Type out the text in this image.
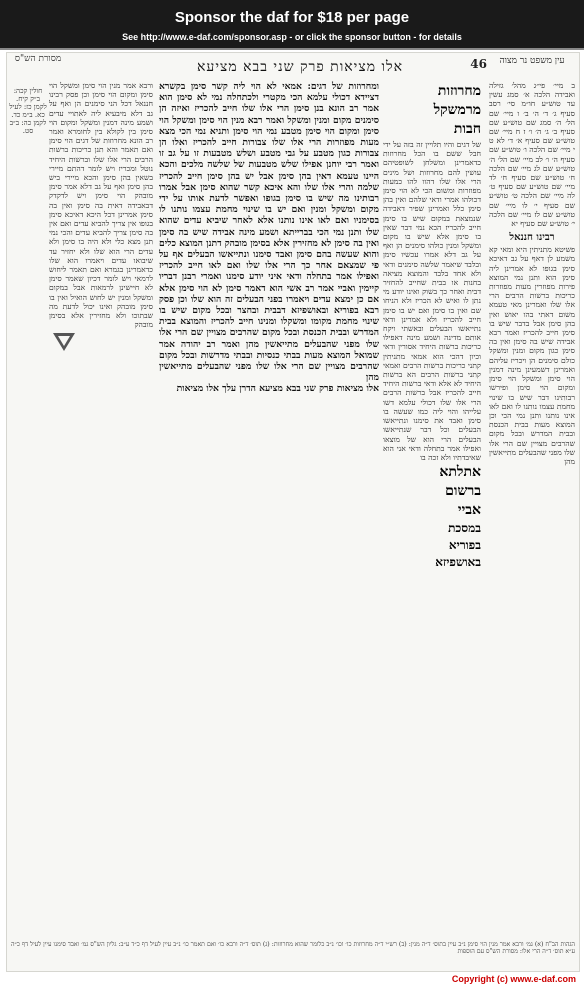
Sponsor the daf for $18 per page
See http://www.e-daf.com/sponsor.asp - or click the sponsor button - for details
עין משפט נר מצוה
46
אלו מציאות פרק שני בבא מציעא
מסורת הש"ס
ב מיי׳ פי״ג מהל׳ גזילה ואבידה הלכה א׳ סמג עשין עד טוש״ע חו״מ סי׳ רסב סעיף ג׳ ד׳ ה׳ ב׳ ו מיי׳ שם הל׳ ה׳ סמג שם טוש״ע שם סעיף ב׳ ג׳ ה׳ ו׳ ז ח מיי׳ שם טוש״ע שם סעיף א׳ ד׳ לא ט י מיי׳ שם הלכה ו׳ טוש״ע שם סעיף ה׳ ו׳ לב מיי׳ שם הל׳ ה׳ טוש״ע שם לג מיי׳ שם הלכה ח׳ טוש״ע שם סעיף ח׳ לד מיי׳ שם טוש״ע שם סעיף ט׳ לה מיי׳ שם הלכה ט׳ טוש״ע שם סעיף י׳ לו מיי׳ שם טוש״ע שם לז מיי׳ שם הלכה י׳ טוש״ע שם סעיף יא
רבינו חננאל
פשיטא מתניתין היא ומאי קא משמע לן דאף על גב דאיכא סימן בגופו לא אמרינן ליה סימן הוא ותנן נמי המוצא פירות מפוזרין מעות מפוזרות כריכות ברשות הרבים הרי אלו שלו ואמרינן מאי טעמא משום דאתי בהו יאוש ואין בהן סימן אבל בדבר שיש בו סימן חייב להכריז ואמר רבא אבידה שיש בה סימן ואין בה סימן כגון מקום ומנין ומשקל כולם סימנים הן ויכריז עליהם ואמרינן דשמעינן מינה דמנין הוי סימן ומשקל הוי סימן ומקום הוי סימן ופירשו רבותינו דבר שיש בו שינוי מחמת עצמו נותנו לו ואם לאו אינו נותנו ותנן נמי הכי וכן המוצא מעות בבית הכנסת ובבית המדרש ובכל מקום שהרבים מצויין שם הרי אלו שלו מפני שהבעלים מתייאשין מהן
מחרוזות
מרמשקל
חבות
של דגים והיו תלויין זה בזה על ידי חבל ששם בו הכל מחרוזות כדאמרינן ומשלחן לשופטיהם עושין להם מחרוזות ושל מינים הרי אלו שלו דהוו להו כמעות מפוזרות ומשום הכי לא הוי סימן דכולהו אמרי ודאי שלהם ואין בהן סימן כלל ואמרינן שפיר דאבידה שנמצאת במקום שיש בו סימן חייב להכריז הכא נמי דבר שאין בו סימן אלא שיש בו מקום ומשקל ומנין כולהו סימנים הן ואף על גב דלא אמרו עכשיו סימן ובלבד שיאמר שלשה סימנים ודאי ולא אחד בלבד והמוצא מציאה בחנות או בבית שחייב להחזיר דבית ואחר כך בשוק ואינו יודע מי נתן לו ואיש לא הכריז ולא הניחו שם ואין בו סימן ואם יש בו סימן חייב להכריז ולא אמרינן ודאי נתייאשו הבעלים ובאשתי ויקח אותם מדינה ושמע מינה דאפילו כריכות ברשות היחיד אסורין ודאי וכיון דהכי הוא אמאי מתניתין קתני כריכות ברשות הרבים ואמאי קתני ברשות הרבים הא ברשות היחיד לא אלא ודאי ברשות היחיד חייב להכריז אבל ברשות הרבים הרי אלו שלו דכולי עלמא דשו עלייהו והוי ליה כמו שעשה בו סימן ואבד את סימנו ונתייאשו הבעלים וכל דבר שנתייאשו הבעלים הרי הוא של מוצאו ואפילו אמר בתחלה ודאי אני הוא שאיבדתיו ולא זכה בו
אתלתא
ברשום
אביי
במסכת
בפוריא
באושפיזא
ומחרוזות של דגים: אמאי לא הוי ליה קשר סימן בקשרא דציידא דכולי עלמא הכי מקטרי ולכתחלה נמי לא סימן הוא אמר רב הונא בנן סימן הרי אלו שלו חייב להכריז ואיזה הן סימנים מקום ומנין ומשקל ואמר רבא מנין הוי סימן ומשקל הוי סימן ומקום הוי סימן מטבע נמי הוי סימן ותניא נמי הכי מצא מעות מפוזרות הרי אלו שלו צבורות חייב להכריז ואלו הן צבורות כגון מטבע על גבי מטבע ושלש מטבעות זו על גב זו ואמר רבי יוחנן אפילו שלש מטבעות של שלשה מלכים והכא היינו טעמא דאין בהן סימן אבל יש בהן סימן חייב להכריז שלמה והרי אלו שלו והא איכא קשר שהוא סימן אבל אמרו רבותינו מה שיש בו סימן בגופו ואפשר לדעת אותו על ידי מקום ומשקל ומנין ואם יש בו שינוי מחמת עצמו נותנו לו בסימניו ואם לאו אינו נותנו אלא לאחר שיביא עדים שהוא שלו ותנן נמי הכי בברייתא ושמע מינה אבידה שיש בה סימן ואין בה סימן לא מחזירין אלא בסימן מובהק דתנן המוצא כלים והוא שעשה בהם סימן ואבד סימנו ונתייאשו הבעלים אף על פי שמצאם אחר כך הרי אלו שלו ואם לאו חייב להכריז ואפילו אמר בתחלה ודאי איני יודע סימנו ואמרי רבנן דבריו קיימין ואביי אמר רב אשי הוא דאמר סימן לא הוי סימן אלא אם כן ימצא עדים ויאמרו בפני הבעלים זה הוא שלו וכן פסק רבא בפוריא ובאושפיזא דבבית ובחצר ובכל מקום שיש בו שינוי מחמת מקומו ומשקלו ומנינו חייב להכריז והמוצא בבית המדרש ובבית הכנסת ובכל מקום שהרבים מצויין שם הרי אלו שלו מפני שהבעלים מתייאשין מהן ואמר רב יהודה אמר שמואל המוצא מעות בבתי כנסיות ובבתי מדרשות ובכל מקום שהרבים מצויין שם הרי אלו שלו מפני שהבעלים מתייאשין מהן
אלו מציאות פרק שני בבא מציעא הדרן עלך אלו מציאות
ורבא אמר מנין הוי סימן ומשקל הוי סימן ומקום הוי סימן וכן פסק רבינו חננאל דכל הני סימנים הן ואף על גב דלא מיבעיא ליה לאתויי עדים ושמע מינה דמנין ומשקל ומקום הוי סימן בין לקולא בין לחומרא ואמר רב הונא מחרוזות של דגים הוי סימן ואם תאמר והא תנן כריכות ברשות הרבים הרי אלו שלו וברשות היחיד נוטל ומכריז ויש לומר דהתם מיירי בשאין בהן סימן והכא מיירי ביש בהן סימן ואף על גב דלא אמר סימן מובהק הוי סימן ויש לדקדק דבאבידה דאית בה סימן ואין בה סימן אמרינן דכל היכא דאיכא סימן בגופו אין צריך להביא עדים ואם אין בה סימן צריך להביא עדים והכי נמי תנן מצא כלי ולא היה בו סימן ולא עדים הרי הוא שלו ולא יחזיר עד שיבואו עדים ויאמרו הוא שלו כדאמרינן בגמרא ואם תאמר ליחוש לרמאי ויש לומר דכיון שאמר סימן לא חיישינן לרמאות אבל במקום ומשקל ומנין יש לחוש הואיל ואין בו סימן מובהק ואינו יכול לדעת מה שבתוכו ולא מחזירין אלא בסימן מובהק
חולין קכה: ב״ק קיח. לקמן כז: לעיל כא. ב״מ כד. לקמן כה: ב״ב סט.
הגהות הב"ח (א) גמ׳ ורבא אמר מנין הוי סימן נ״ב עיין בתוס׳ ד״ה מנין: (ב) רש״י ד״ה מחרוזות כו׳ וכו׳ נ״ב כלומר שהוא מחרוזות: (ג) תוס׳ ד״ה ורבא כו׳ ואם תאמר כו׳ נ״ב עיין לעיל דף כ״ד ע״ב: גליון הש"ס גמ׳ ואבד סימנו עיין לעיל דף כ״ה ע״א תוס׳ ד״ה הרי אלו: מסורת הש"ס עם הוספות
Copyright (c) www.e-daf.com
